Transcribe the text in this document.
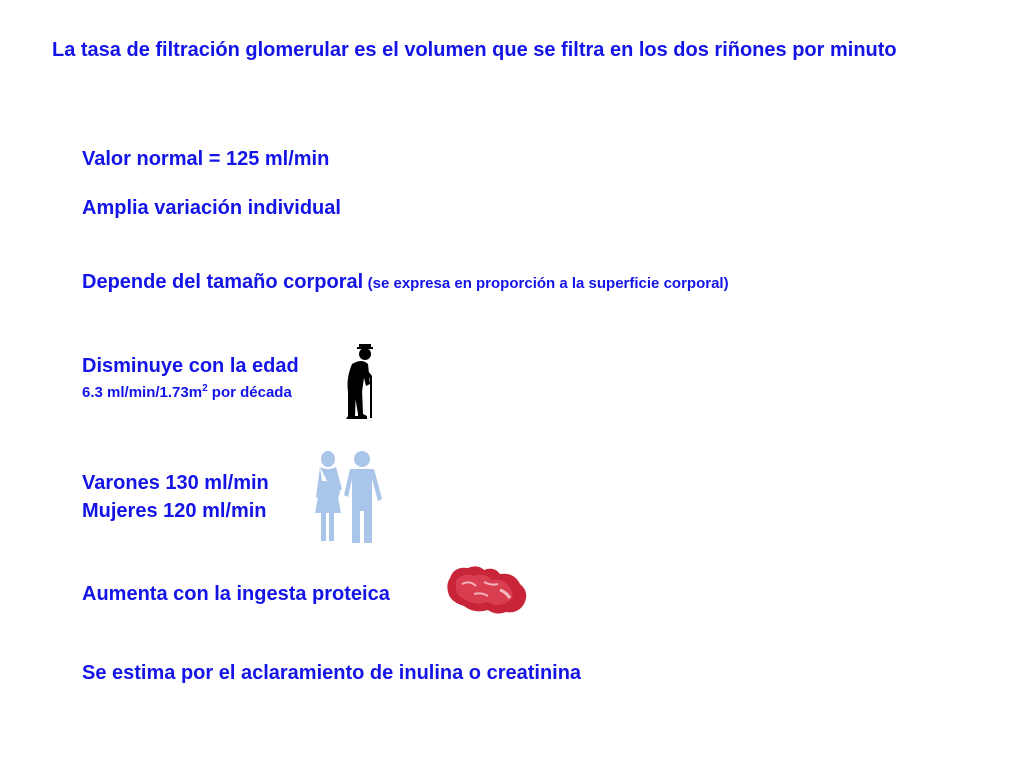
La tasa de filtración glomerular es el volumen que se filtra en los dos riñones por minuto
Valor normal = 125 ml/min
Amplia variación individual
Depende del tamaño corporal (se expresa en proporción a la superficie corporal)
Disminuye con la edad
6.3 $ml/\min/1.73m^2$ por década
Varones 130 ml/min
Mujeres 120 ml/min
Aumenta con la ingesta proteica
Se estima por el aclaramiento de inulina o creatinina
